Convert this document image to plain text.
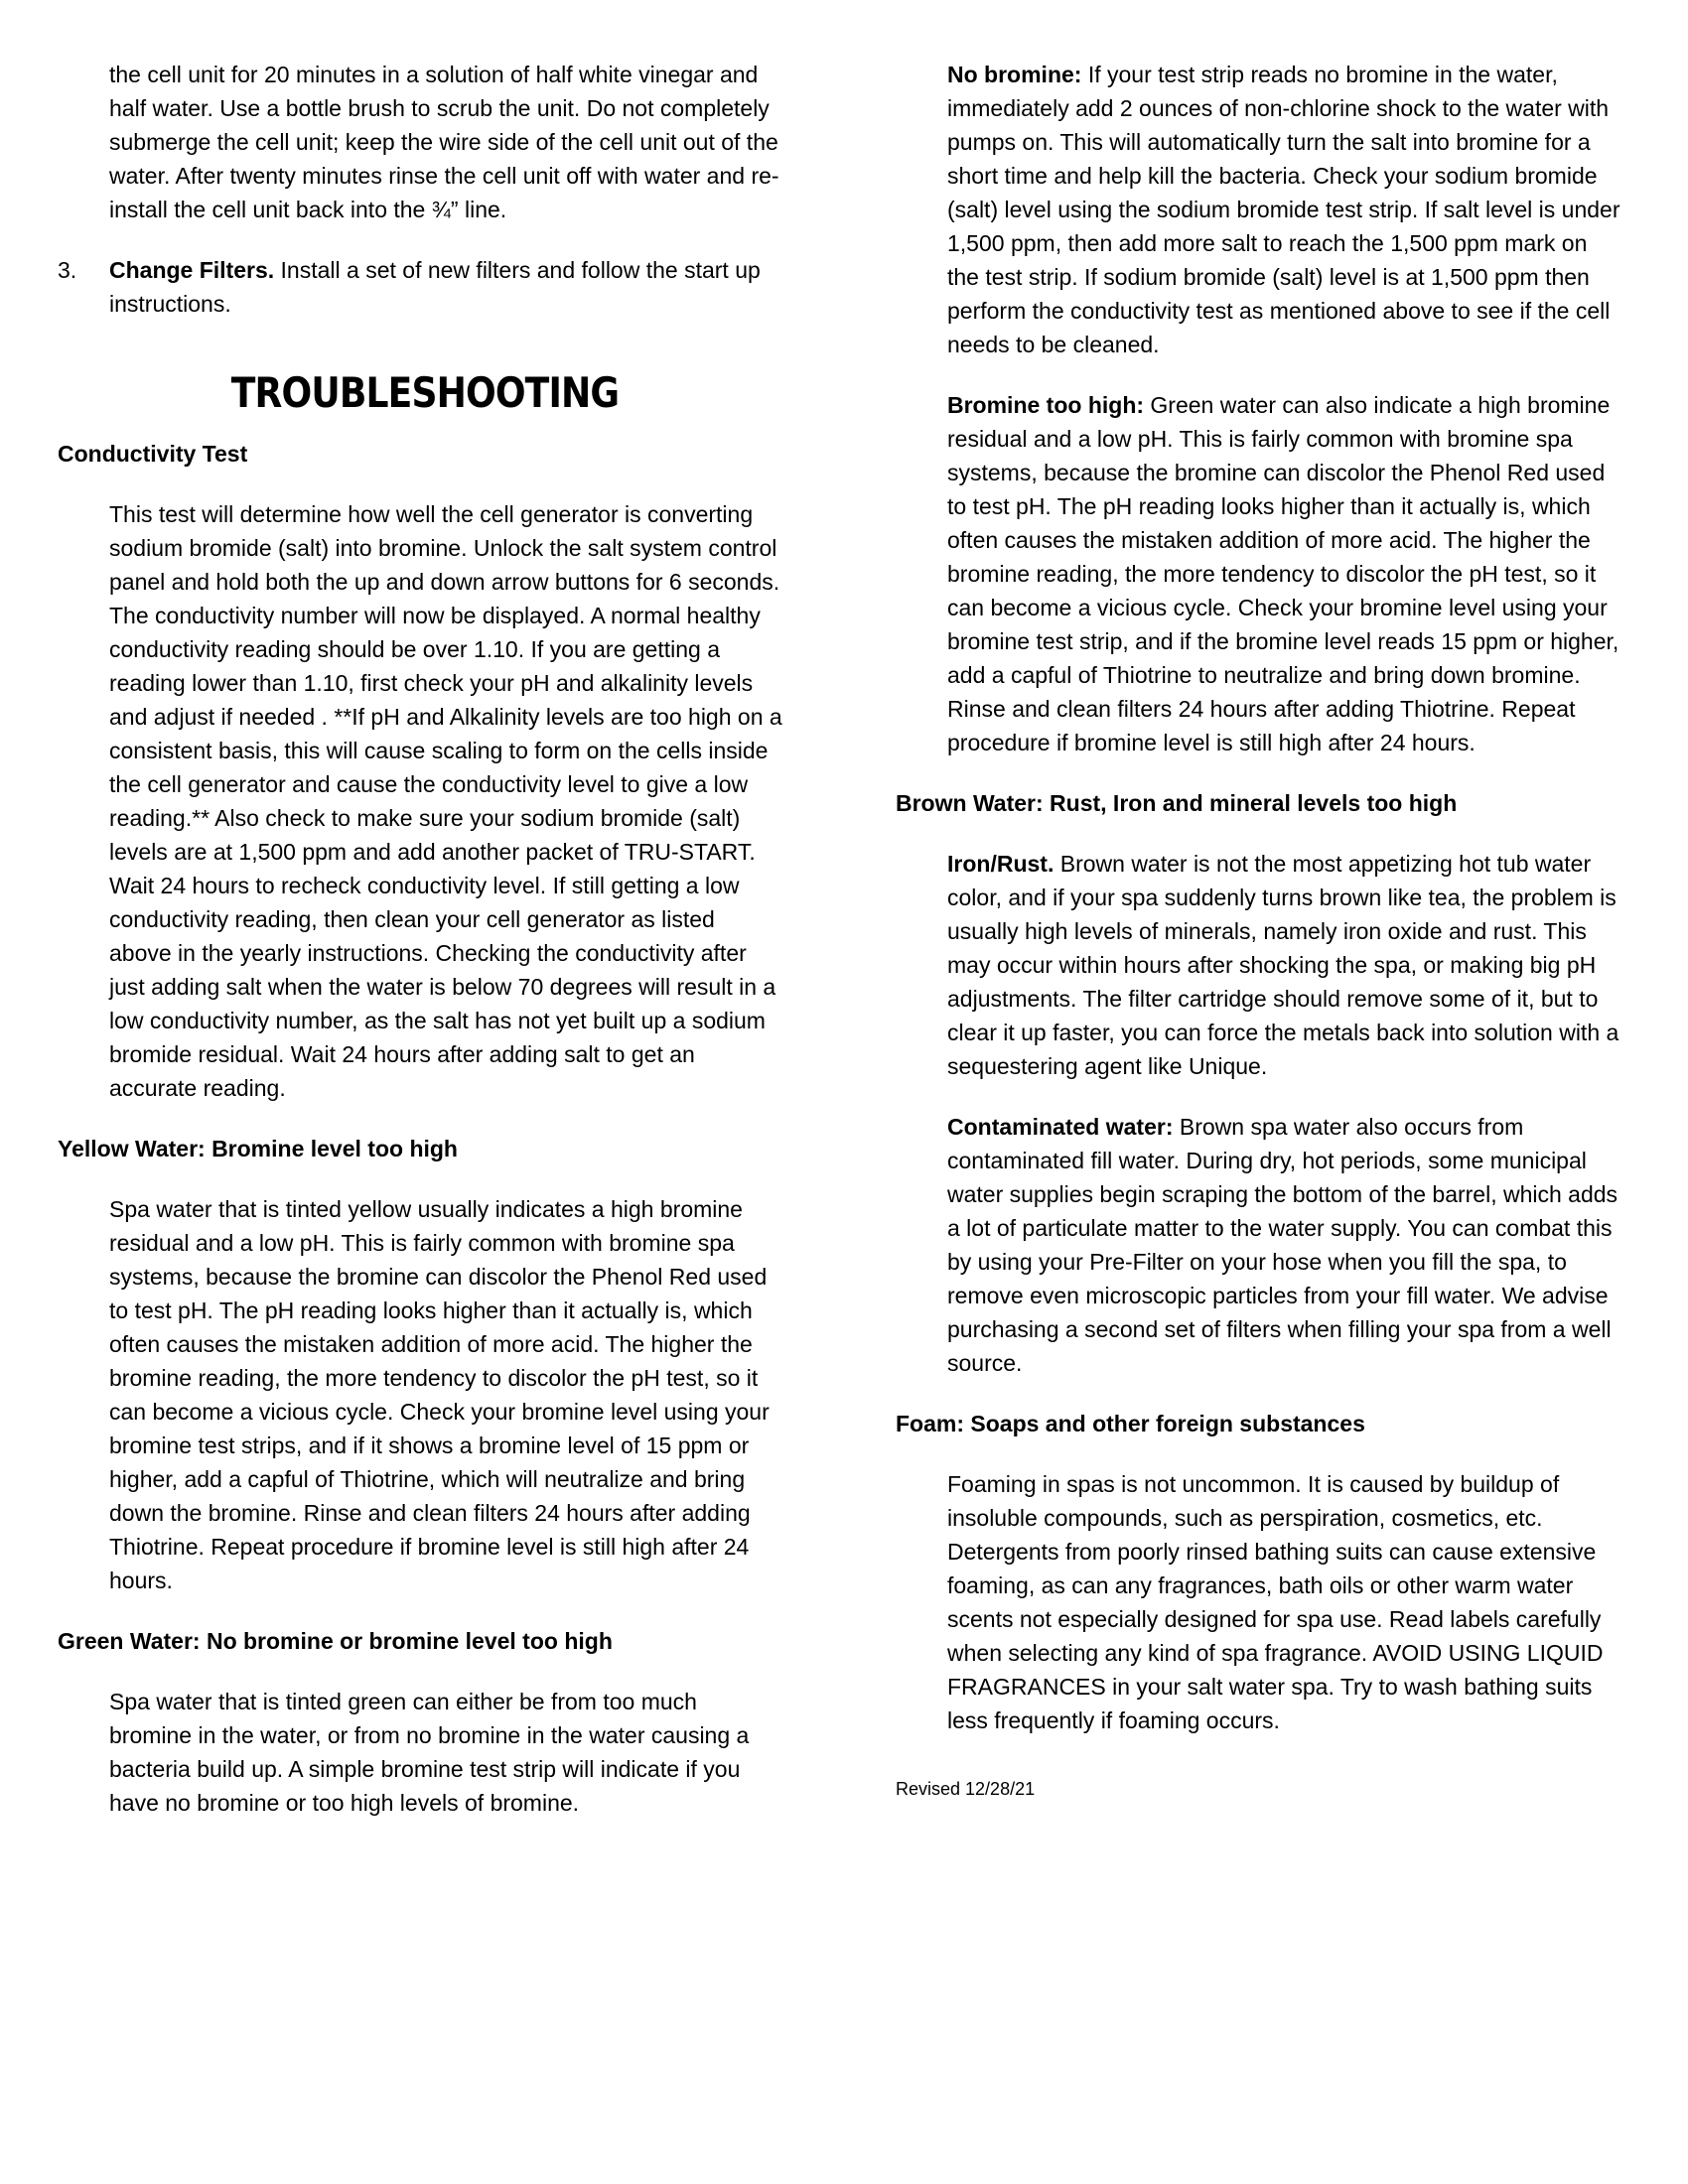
the cell unit for 20 minutes in a solution of half white vinegar and half water. Use a bottle brush to scrub the unit. Do not completely submerge the cell unit; keep the wire side of the cell unit out of the water. After twenty minutes rinse the cell unit off with water and re-install the cell unit back into the ¾” line.

3. Change Filters. Install a set of new filters and follow the start up instructions.
TROUBLESHOOTING
Conductivity Test

This test will determine how well the cell generator is converting sodium bromide (salt) into bromine. Unlock the salt system control panel and hold both the up and down arrow buttons for 6 seconds. The conductivity number will now be displayed. A normal healthy conductivity reading should be over 1.10. If you are getting a reading lower than 1.10, first check your pH and alkalinity levels and adjust if needed . **If pH and Alkalinity levels are too high on a consistent basis, this will cause scaling to form on the cells inside the cell generator and cause the conductivity level to give a low reading.** Also check to make sure your sodium bromide (salt) levels are at 1,500 ppm and add another packet of TRU-START. Wait 24 hours to recheck conductivity level. If still getting a low conductivity reading, then clean your cell generator as listed above in the yearly instructions. Checking the conductivity after just adding salt when the water is below 70 degrees will result in a low conductivity number, as the salt has not yet built up a sodium bromide residual. Wait 24 hours after adding salt to get an accurate reading.

Yellow Water: Bromine level too high

Spa water that is tinted yellow usually indicates a high bromine residual and a low pH. This is fairly common with bromine spa systems, because the bromine can discolor the Phenol Red used to test pH. The pH reading looks higher than it actually is, which often causes the mistaken addition of more acid. The higher the bromine reading, the more tendency to discolor the pH test, so it can become a vicious cycle. Check your bromine level using your bromine test strips, and if it shows a bromine level of 15 ppm or higher, add a capful of Thiotrine, which will neutralize and bring down the bromine. Rinse and clean filters 24 hours after adding Thiotrine. Repeat procedure if bromine level is still high after 24 hours.

Green Water: No bromine or bromine level too high

Spa water that is tinted green can either be from too much bromine in the water, or from no bromine in the water causing a bacteria build up. A simple bromine test strip will indicate if you have no bromine or too high levels of bromine.

No bromine: If your test strip reads no bromine in the water, immediately add 2 ounces of non-chlorine shock to the water with pumps on. This will automatically turn the salt into bromine for a short time and help kill the bacteria. Check your sodium bromide (salt) level using the sodium bromide test strip. If salt level is under 1,500 ppm, then add more salt to reach the 1,500 ppm mark on the test strip. If sodium bromide (salt) level is at 1,500 ppm then perform the conductivity test as mentioned above to see if the cell needs to be cleaned.

Bromine too high: Green water can also indicate a high bromine residual and a low pH. This is fairly common with bromine spa systems, because the bromine can discolor the Phenol Red used to test pH. The pH reading looks higher than it actually is, which often causes the mistaken addition of more acid. The higher the bromine reading, the more tendency to discolor the pH test, so it can become a vicious cycle. Check your bromine level using your bromine test strip, and if the bromine level reads 15 ppm or higher, add a capful of Thiotrine to neutralize and bring down bromine. Rinse and clean filters 24 hours after adding Thiotrine. Repeat procedure if bromine level is still high after 24 hours.

Brown Water: Rust, Iron and mineral levels too high

Iron/Rust. Brown water is not the most appetizing hot tub water color, and if your spa suddenly turns brown like tea, the problem is usually high levels of minerals, namely iron oxide and rust. This may occur within hours after shocking the spa, or making big pH adjustments. The filter cartridge should remove some of it, but to clear it up faster, you can force the metals back into solution with a sequestering agent like Unique.

Contaminated water: Brown spa water also occurs from contaminated fill water. During dry, hot periods, some municipal water supplies begin scraping the bottom of the barrel, which adds a lot of particulate matter to the water supply. You can combat this by using your Pre-Filter on your hose when you fill the spa, to remove even microscopic particles from your fill water. We advise purchasing a second set of filters when filling your spa from a well source.

Foam: Soaps and other foreign substances

Foaming in spas is not uncommon. It is caused by buildup of insoluble compounds, such as perspiration, cosmetics, etc. Detergents from poorly rinsed bathing suits can cause extensive foaming, as can any fragrances, bath oils or other warm water scents not especially designed for spa use. Read labels carefully when selecting any kind of spa fragrance. AVOID USING LIQUID FRAGRANCES in your salt water spa. Try to wash bathing suits less frequently if foaming occurs.

Revised 12/28/21
